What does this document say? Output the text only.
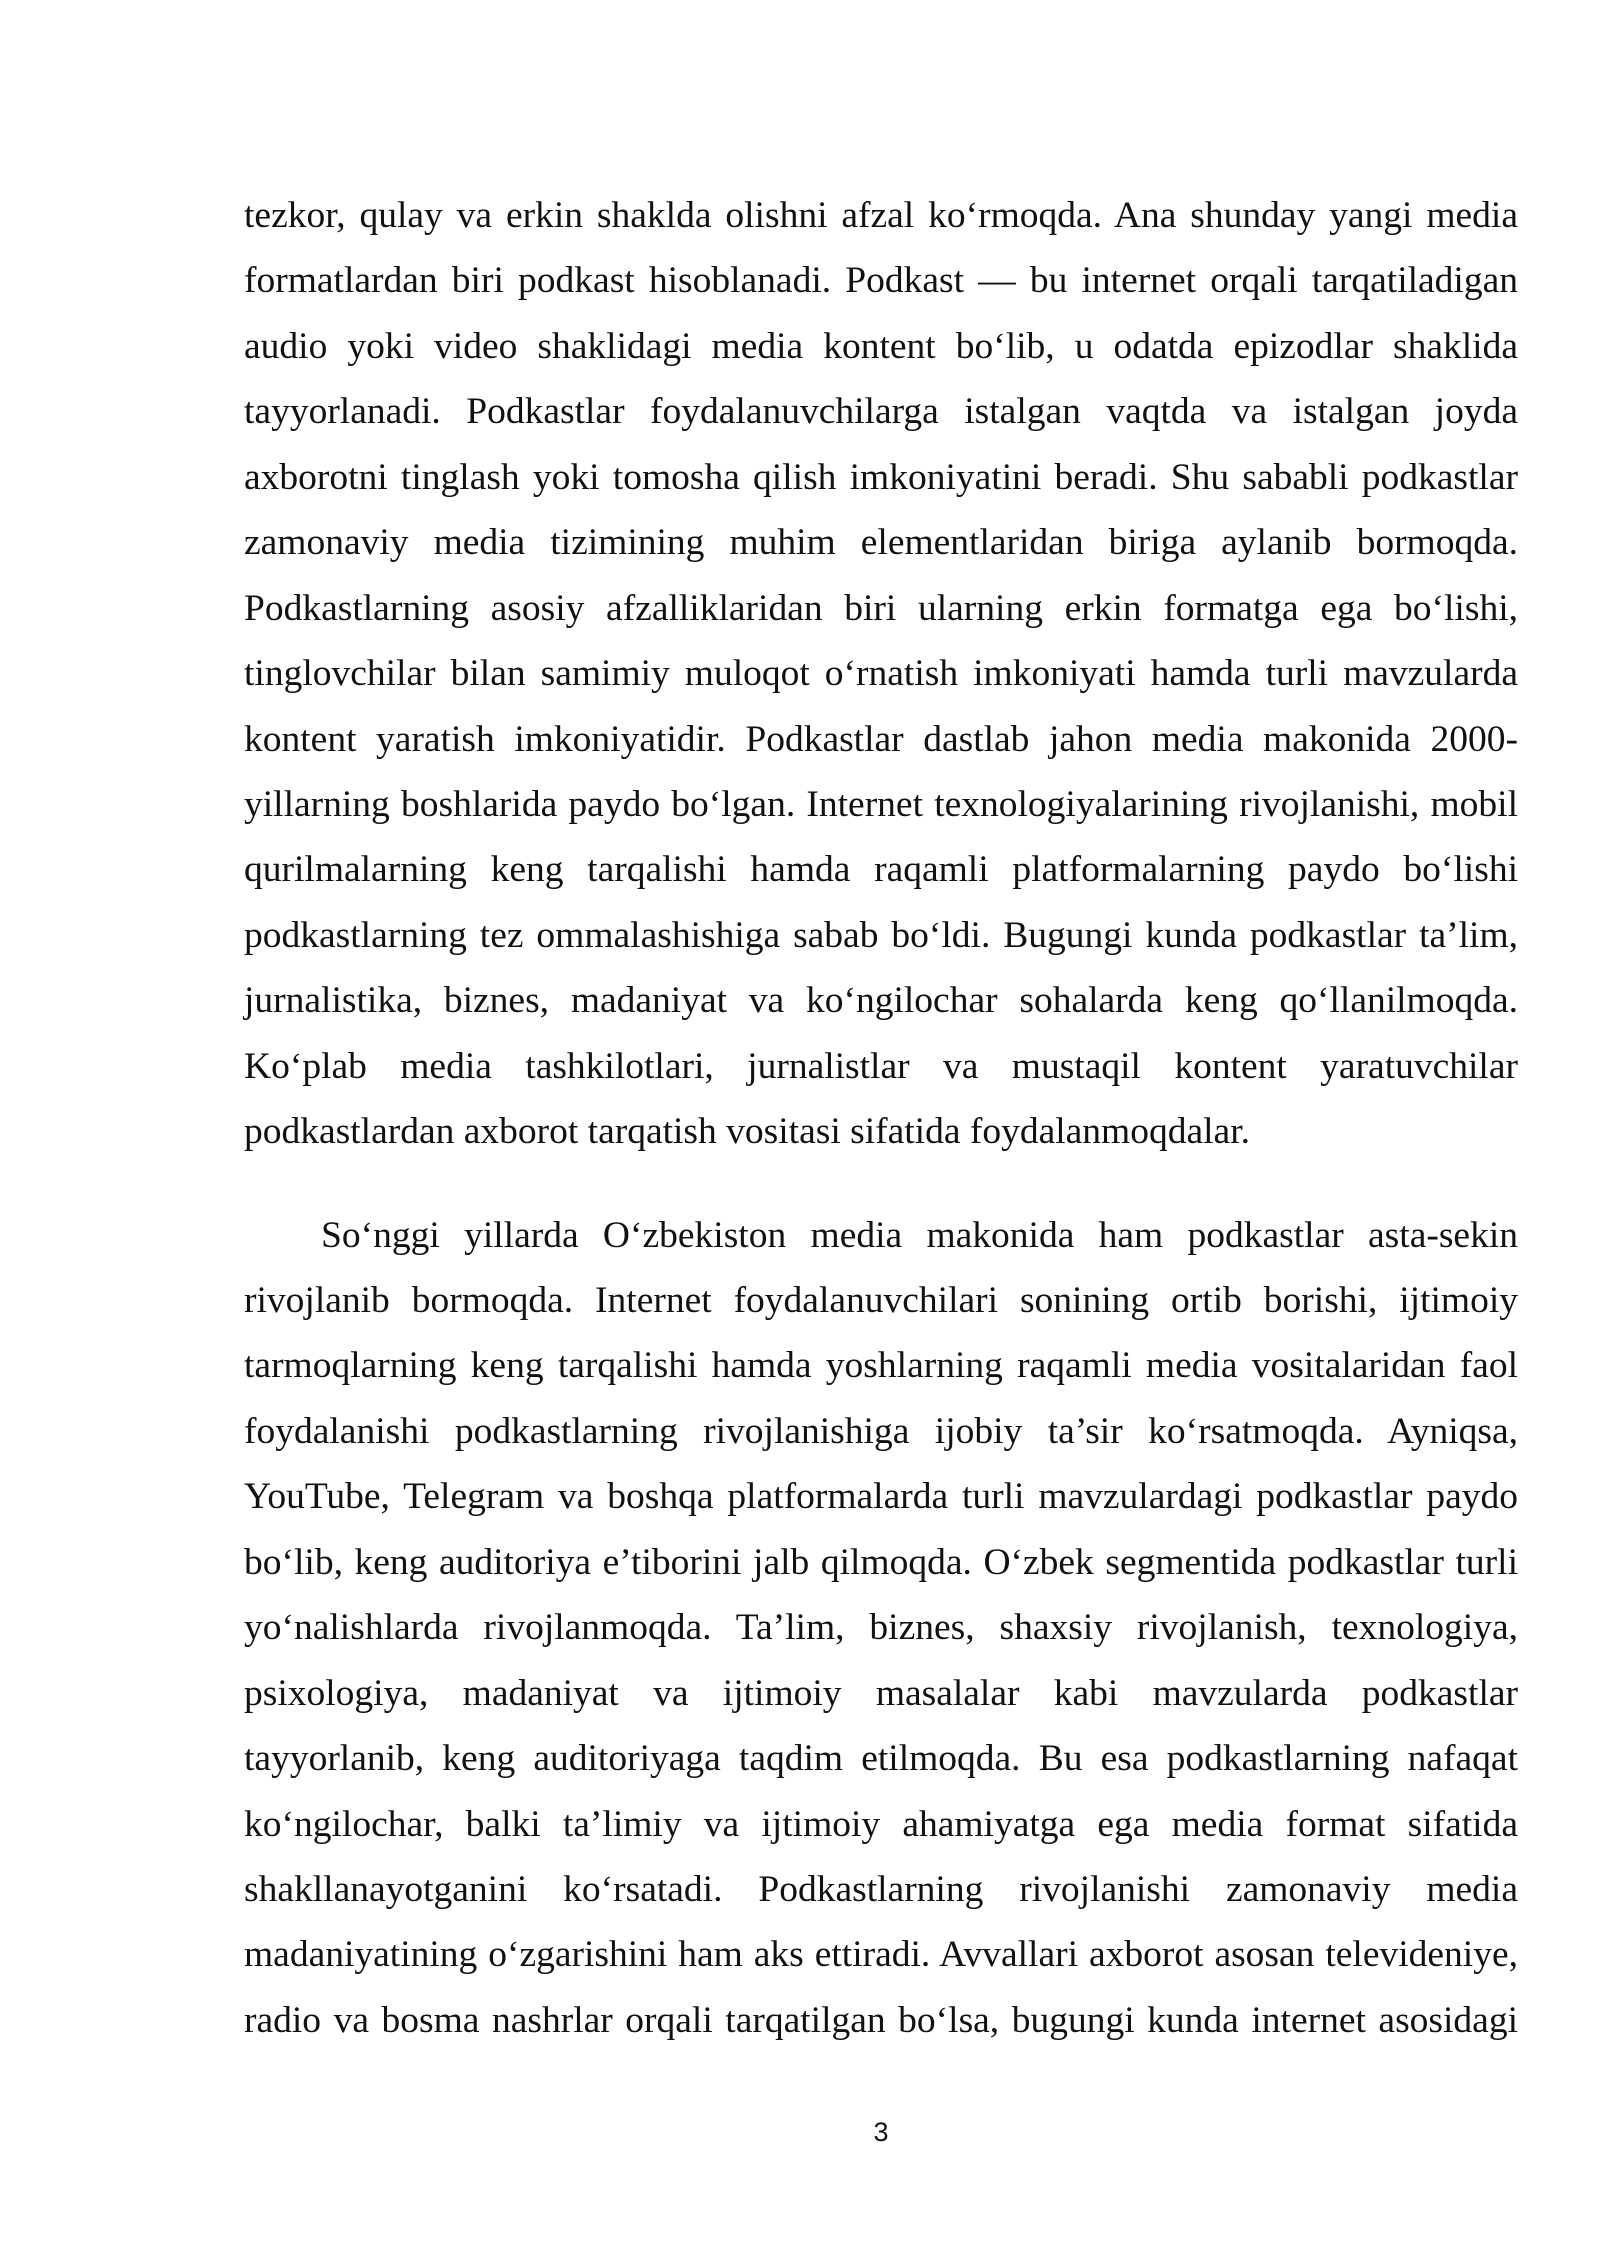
tezkor, qulay va erkin shaklda olishni afzal ko‘rmoqda. Ana shunday yangi media
formatlardan biri podkast hisoblanadi. Podkast — bu internet orqali tarqatiladigan
audio yoki video shaklidagi media kontent bo‘lib, u odatda epizodlar shaklida
tayyorlanadi. Podkastlar foydalanuvchilarga istalgan vaqtda va istalgan joyda
axborotni tinglash yoki tomosha qilish imkoniyatini beradi. Shu sababli podkastlar
zamonaviy media tizimining muhim elementlaridan biriga aylanib bormoqda.
Podkastlarning asosiy afzalliklaridan biri ularning erkin formatga ega bo‘lishi,
tinglovchilar bilan samimiy muloqot o‘rnatish imkoniyati hamda turli mavzularda
kontent yaratish imkoniyatidir. Podkastlar dastlab jahon media makonida 2000-
yillarning boshlarida paydo bo‘lgan. Internet texnologiyalarining rivojlanishi, mobil
qurilmalarning keng tarqalishi hamda raqamli platformalarning paydo bo‘lishi
podkastlarning tez ommalashishiga sabab bo‘ldi. Bugungi kunda podkastlar ta’lim,
jurnalistika, biznes, madaniyat va ko‘ngilochar sohalarda keng qo‘llanilmoqda.
Ko‘plab media tashkilotlari, jurnalistlar va mustaqil kontent yaratuvchilar
podkastlardan axborot tarqatish vositasi sifatida foydalanmoqdalar.
So‘nggi yillarda O‘zbekiston media makonida ham podkastlar asta-sekin
rivojlanib bormoqda. Internet foydalanuvchilari sonining ortib borishi, ijtimoiy
tarmoqlarning keng tarqalishi hamda yoshlarning raqamli media vositalaridan faol
foydalanishi podkastlarning rivojlanishiga ijobiy ta’sir ko‘rsatmoqda. Ayniqsa,
YouTube, Telegram va boshqa platformalarda turli mavzulardagi podkastlar paydo
bo‘lib, keng auditoriya e’tiborini jalb qilmoqda. O‘zbek segmentida podkastlar turli
yo‘nalishlarda rivojlanmoqda. Ta’lim, biznes, shaxsiy rivojlanish, texnologiya,
psixologiya, madaniyat va ijtimoiy masalalar kabi mavzularda podkastlar
tayyorlanib, keng auditoriyaga taqdim etilmoqda. Bu esa podkastlarning nafaqat
ko‘ngilochar, balki ta’limiy va ijtimoiy ahamiyatga ega media format sifatida
shakllanayotganini ko‘rsatadi. Podkastlarning rivojlanishi zamonaviy media
madaniyatining o‘zgarishini ham aks ettiradi. Avvallari axborot asosan televideniye,
radio va bosma nashrlar orqali tarqatilgan bo‘lsa, bugungi kunda internet asosidagi
3
